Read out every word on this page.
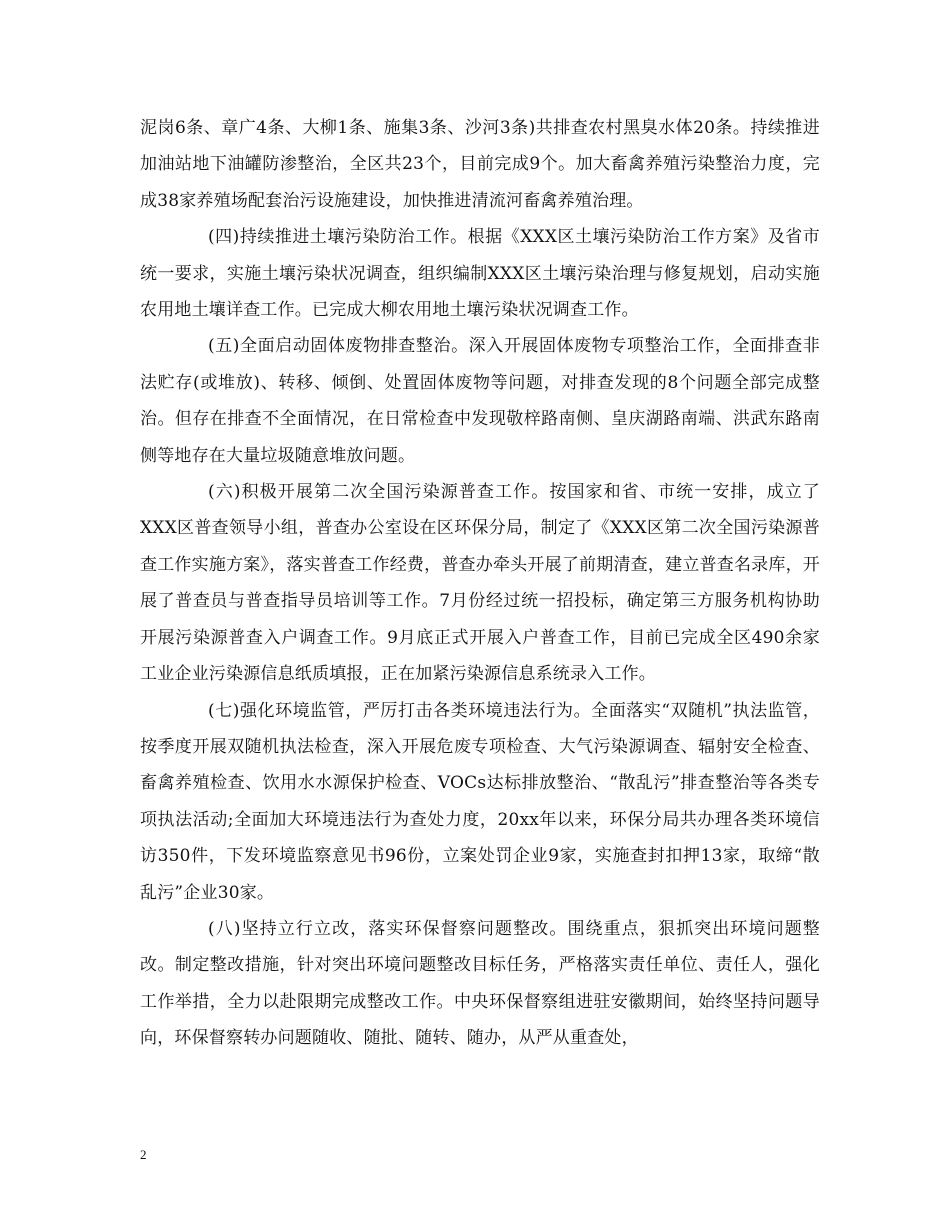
泥岗6条、章广4条、大柳1条、施集3条、沙河3条)共排查农村黑臭水体20条。持续推进加油站地下油罐防渗整治，全区共23个，目前完成9个。加大畜禽养殖污染整治力度，完成38家养殖场配套治污设施建设，加快推进清流河畜禽养殖治理。

(四)持续推进土壤污染防治工作。根据《XXX区土壤污染防治工作方案》及省市统一要求，实施土壤污染状况调查，组织编制XXX区土壤污染治理与修复规划，启动实施农用地土壤详查工作。已完成大柳农用地土壤污染状况调查工作。

(五)全面启动固体废物排查整治。深入开展固体废物专项整治工作，全面排查非法贮存(或堆放)、转移、倾倒、处置固体废物等问题，对排查发现的8个问题全部完成整治。但存在排查不全面情况，在日常检查中发现敬梓路南侧、皇庆湖路南端、洪武东路南侧等地存在大量垃圾随意堆放问题。

(六)积极开展第二次全国污染源普查工作。按国家和省、市统一安排，成立了XXX区普查领导小组，普查办公室设在区环保分局，制定了《XXX区第二次全国污染源普查工作实施方案》，落实普查工作经费，普查办牵头开展了前期清查，建立普查名录库，开展了普查员与普查指导员培训等工作。7月份经过统一招投标，确定第三方服务机构协助开展污染源普查入户调查工作。9月底正式开展入户普查工作，目前已完成全区490余家工业企业污染源信息纸质填报，正在加紧污染源信息系统录入工作。

(七)强化环境监管，严厉打击各类环境违法行为。全面落实“双随机”执法监管，按季度开展双随机执法检查，深入开展危废专项检查、大气污染源调查、辐射安全检查、畜禽养殖检查、饮用水水源保护检查、VOCs达标排放整治、“散乱污”排查整治等各类专项执法活动;全面加大环境违法行为查处力度，20xx年以来，环保分局共办理各类环境信访350件，下发环境监察意见书96份，立案处罚企业9家，实施查封扣押13家，取缔“散乱污”企业30家。

(八)坚持立行立改，落实环保督察问题整改。围绕重点，狠抓突出环境问题整改。制定整改措施，针对突出环境问题整改目标任务，严格落实责任单位、责任人，强化工作举措，全力以赴限期完成整改工作。中央环保督察组进驻安徽期间，始终坚持问题导向，环保督察转办问题随收、随批、随转、随办，从严从重查处，

2
